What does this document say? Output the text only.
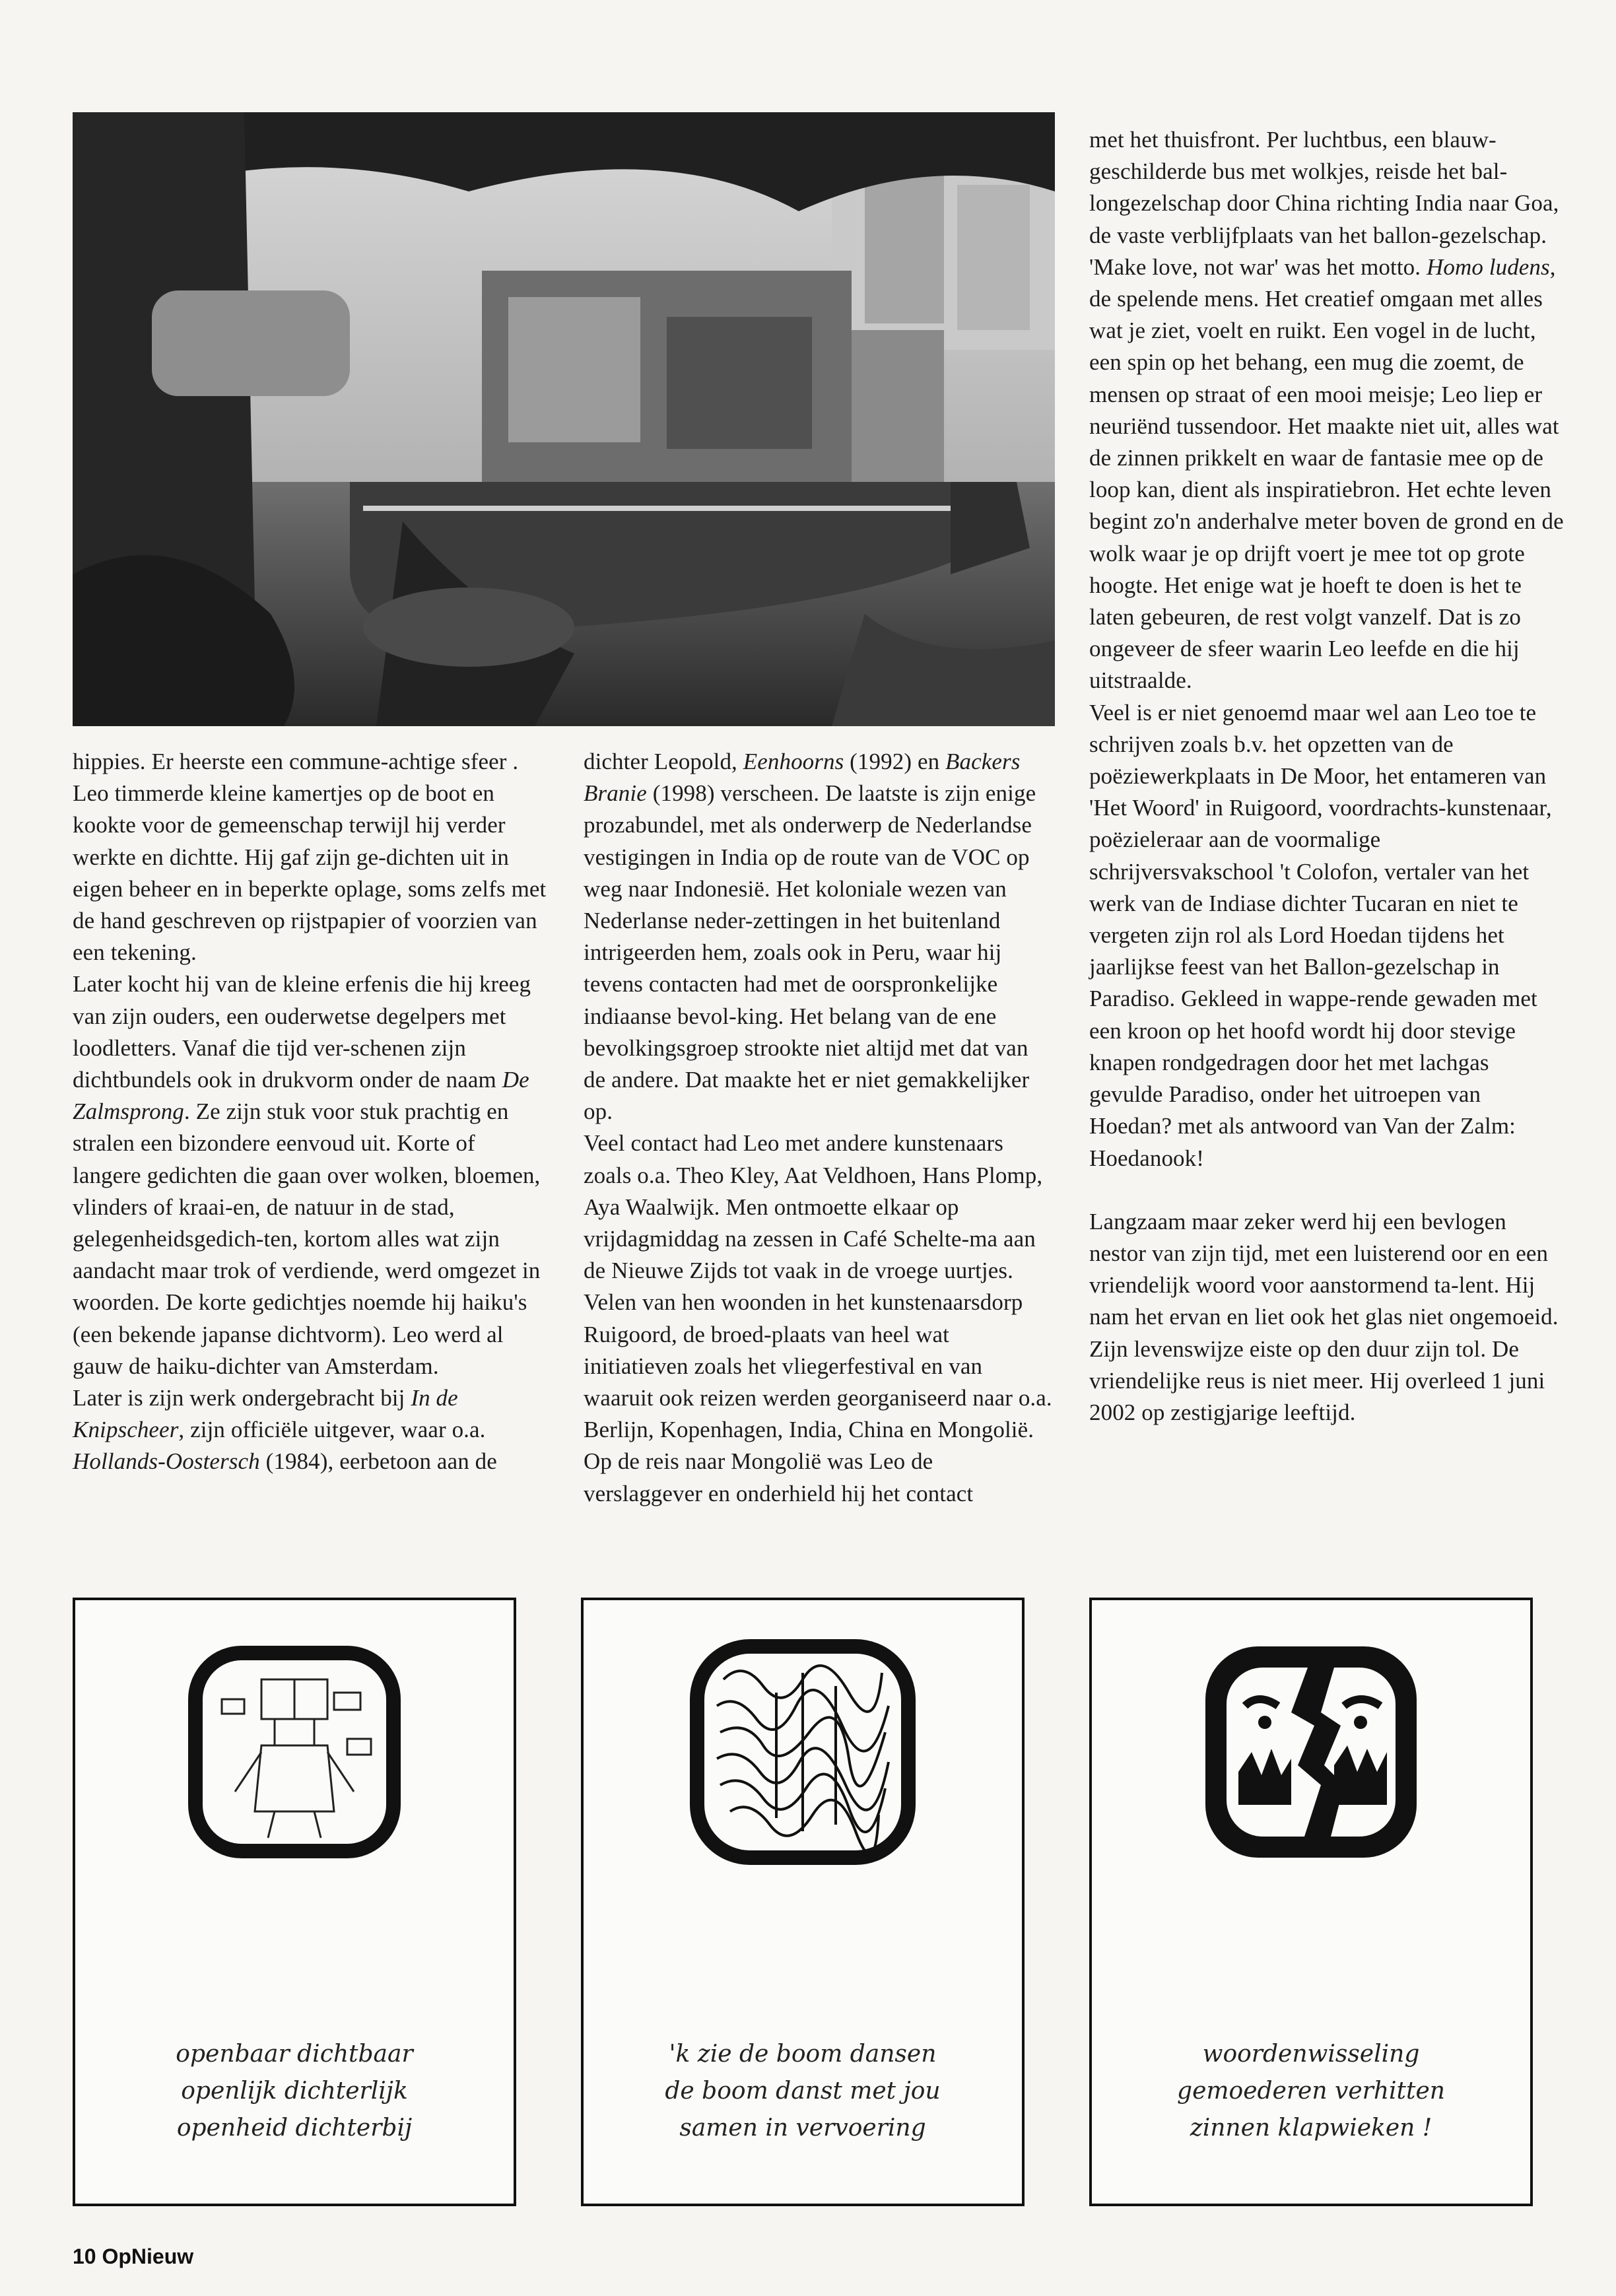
hippies. Er heerste een commune-achtige sfeer .

Leo timmerde kleine kamertjes op de boot en kookte voor de gemeenschap terwijl hij verder werkte en dichtte. Hij gaf zijn ge-dichten uit in eigen beheer en in beperkte oplage, soms zelfs met de hand geschreven op rijstpapier of voorzien van een tekening.

Later kocht hij van de kleine erfenis die hij kreeg van zijn ouders, een ouderwetse degelpers met loodletters. Vanaf die tijd ver-schenen zijn dichtbundels ook in drukvorm onder de naam De Zalmsprong. Ze zijn stuk voor stuk prachtig en stralen een bizondere eenvoud uit. Korte of langere gedichten die gaan over wolken, bloemen, vlinders of kraai-en, de natuur in de stad, gelegenheidsgedich-ten, kortom alles wat zijn aandacht maar trok of verdiende, werd omgezet in woorden. De korte gedichtjes noemde hij haiku's (een bekende japanse dichtvorm). Leo werd al gauw de haiku-dichter van Amsterdam.

Later is zijn werk ondergebracht bij In de Knipscheer, zijn officiële uitgever, waar o.a. Hollands-Oostersch (1984), eerbetoon aan de

dichter Leopold, Eenhoorns (1992) en Backers Branie (1998) verscheen. De laatste is zijn enige prozabundel, met als onderwerp de Nederlandse vestigingen in India op de route van de VOC op weg naar Indonesië. Het koloniale wezen van Nederlanse neder-zettingen in het buitenland intrigeerden hem, zoals ook in Peru, waar hij tevens contacten had met de oorspronkelijke indiaanse bevol-king. Het belang van de ene bevolkingsgroep strookte niet altijd met dat van de andere. Dat maakte het er niet gemakkelijker op.

Veel contact had Leo met andere kunstenaars zoals o.a. Theo Kley, Aat Veldhoen, Hans Plomp, Aya Waalwijk. Men ontmoette elkaar op vrijdagmiddag na zessen in Café Schelte-ma aan de Nieuwe Zijds tot vaak in de vroege uurtjes. Velen van hen woonden in het kunstenaarsdorp Ruigoord, de broed-plaats van heel wat initiatieven zoals het vliegerfestival en van waaruit ook reizen werden georganiseerd naar o.a. Berlijn, Kopenhagen, India, China en Mongolië. Op de reis naar Mongolië was Leo de verslaggever en onderhield hij het contact

met het thuisfront. Per luchtbus, een blauw-geschilderde bus met wolkjes, reisde het bal-longezelschap door China richting India naar Goa, de vaste verblijfplaats van het ballon-gezelschap.

'Make love, not war' was het motto. Homo ludens, de spelende mens. Het creatief omgaan met alles wat je ziet, voelt en ruikt. Een vogel in de lucht, een spin op het behang, een mug die zoemt, de mensen op straat of een mooi meisje; Leo liep er neuriënd tussendoor. Het maakte niet uit, alles wat de zinnen prikkelt en waar de fantasie mee op de loop kan, dient als inspiratiebron. Het echte leven begint zo'n anderhalve meter boven de grond en de wolk waar je op drijft voert je mee tot op grote hoogte. Het enige wat je hoeft te doen is het te laten gebeuren, de rest volgt vanzelf. Dat is zo ongeveer de sfeer waarin Leo leefde en die hij uitstraalde.

Veel is er niet genoemd maar wel aan Leo toe te schrijven zoals b.v. het opzetten van de poëziewerkplaats in De Moor, het entameren van 'Het Woord' in Ruigoord, voordrachts-kunstenaar, poëzieleraar aan de voormalige schrijversvakschool 't Colofon, vertaler van het werk van de Indiase dichter Tucaran en niet te vergeten zijn rol als Lord Hoedan tijdens het jaarlijkse feest van het Ballon-gezelschap in Paradiso. Gekleed in wappe-rende gewaden met een kroon op het hoofd wordt hij door stevige knapen rondgedragen door het met lachgas gevulde Paradiso, onder het uitroepen van Hoedan? met als antwoord van Van der Zalm: Hoedanook!

Langzaam maar zeker werd hij een bevlogen nestor van zijn tijd, met een luisterend oor en een vriendelijk woord voor aanstormend ta-lent. Hij nam het ervan en liet ook het glas niet ongemoeid. Zijn levenswijze eiste op den duur zijn tol. De vriendelijke reus is niet meer. Hij overleed 1 juni 2002 op zestigjarige leeftijd.

openbaar dichtbaar

openlijk dichterlijk

openheid dichterbij

'k zie de boom dansen

de boom danst met jou

samen in vervoering

woordenwisseling

gemoederen verhitten

zinnen klapwieken !

10 OpNieuw
